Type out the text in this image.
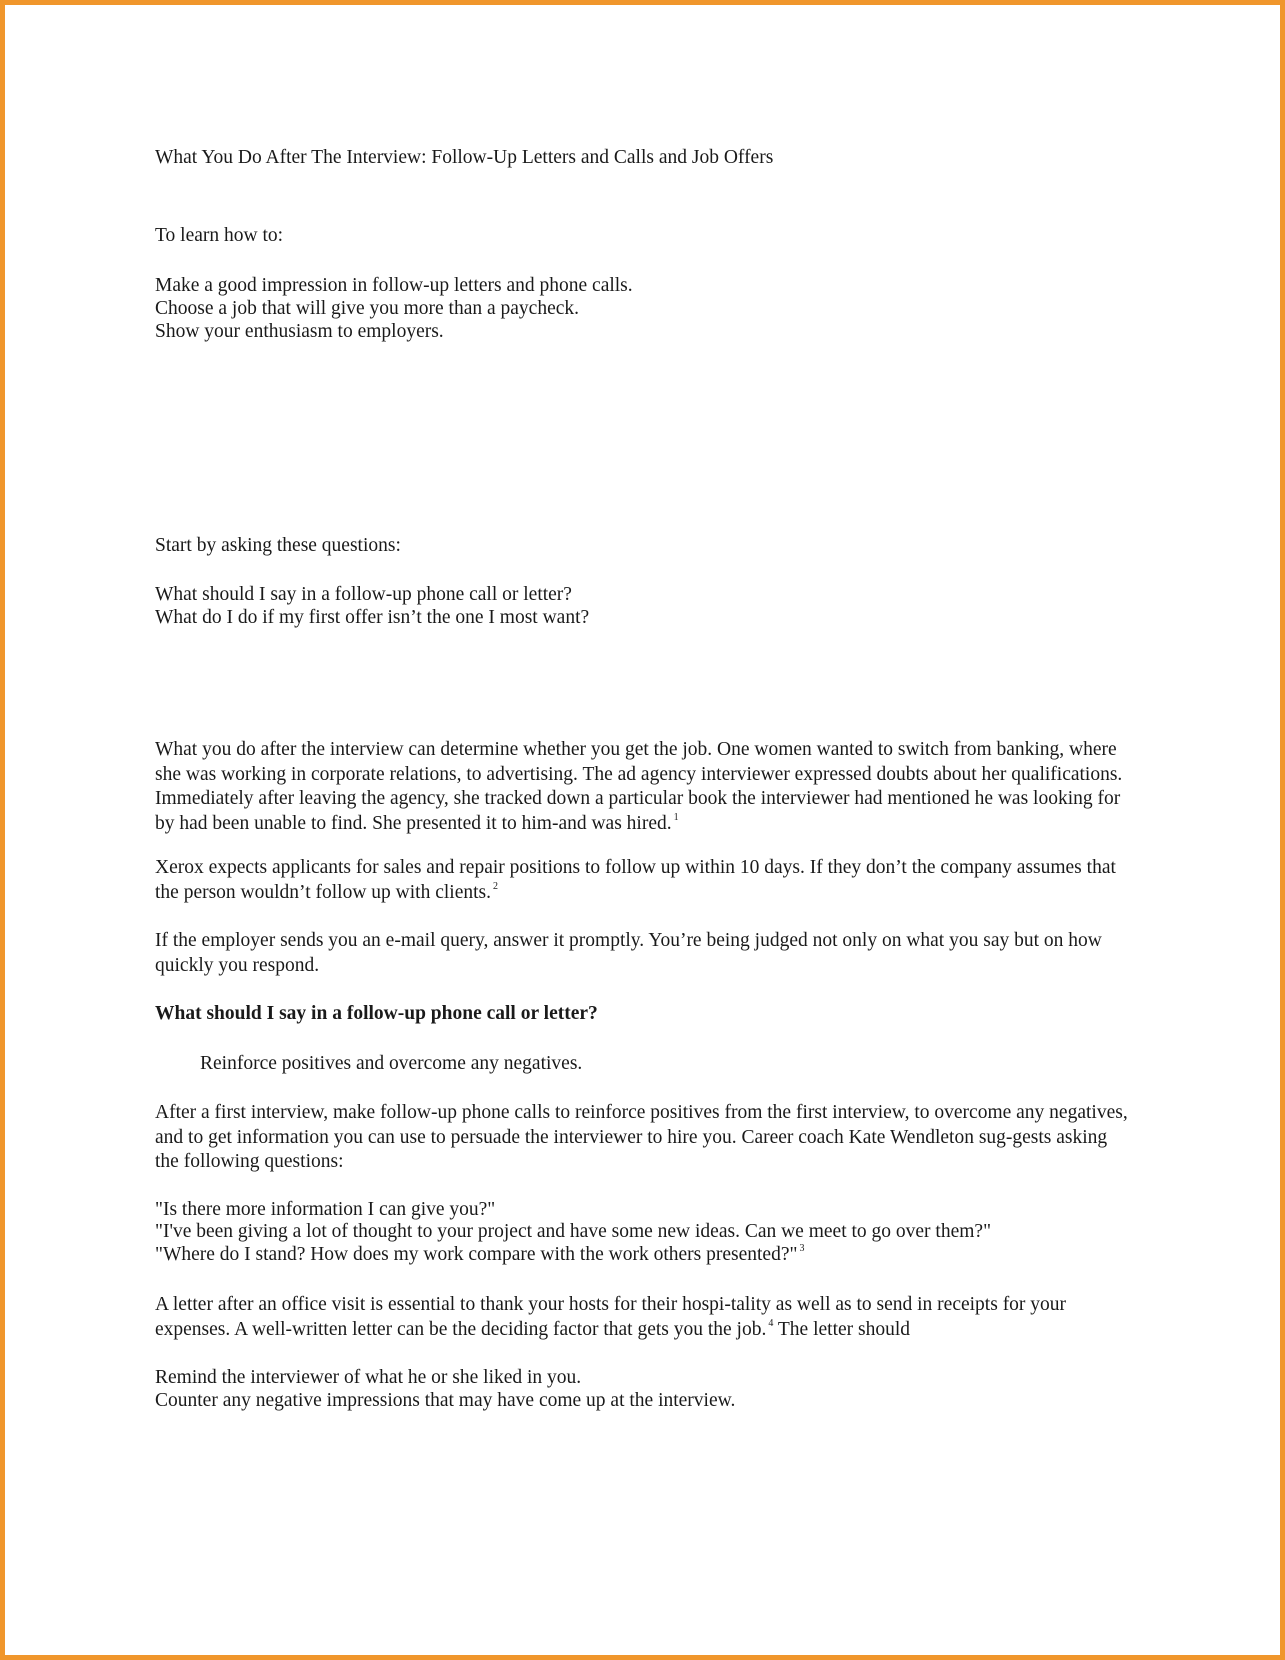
What You Do After The Interview: Follow-Up Letters and Calls and Job Offers
To learn how to:
Make a good impression in follow-up letters and phone calls.
Choose a job that will give you more than a paycheck.
Show your enthusiasm to employers.
Start by asking these questions:
What should I say in a follow-up phone call or letter?
What do I do if my first offer isn’t the one I most want?
What you do after the interview can determine whether you get the job. One women wanted to switch from banking, where she was working in corporate relations, to advertising. The ad agency interviewer expressed doubts about her qualifications. Immediately after leaving the agency, she tracked down a particular book the interviewer had mentioned he was looking for by had been unable to find. She presented it to him-and was hired. $^1$
Xerox expects applicants for sales and repair positions to follow up within 10 days. If they don’t the company assumes that the person wouldn’t follow up with clients. $^2$
If the employer sends you an e-mail query, answer it promptly. You’re being judged not only on what you say but on how quickly you respond.
What should I say in a follow-up phone call or letter?
Reinforce positives and overcome any negatives.
After a first interview, make follow-up phone calls to reinforce positives from the first interview, to overcome any negatives, and to get information you can use to persuade the interviewer to hire you. Career coach Kate Wendleton sug-gests asking the following questions:
"Is there more information I can give you?"
"I've been giving a lot of thought to your project and have some new ideas. Can we meet to go over them?"
"Where do I stand? How does my work compare with the work others presented?" $^3$
A letter after an office visit is essential to thank your hosts for their hospi-tality as well as to send in receipts for your expenses. A well-written letter can be the deciding factor that gets you the job. $^4$ The letter should
Remind the interviewer of what he or she liked in you.
Counter any negative impressions that may have come up at the interview.
